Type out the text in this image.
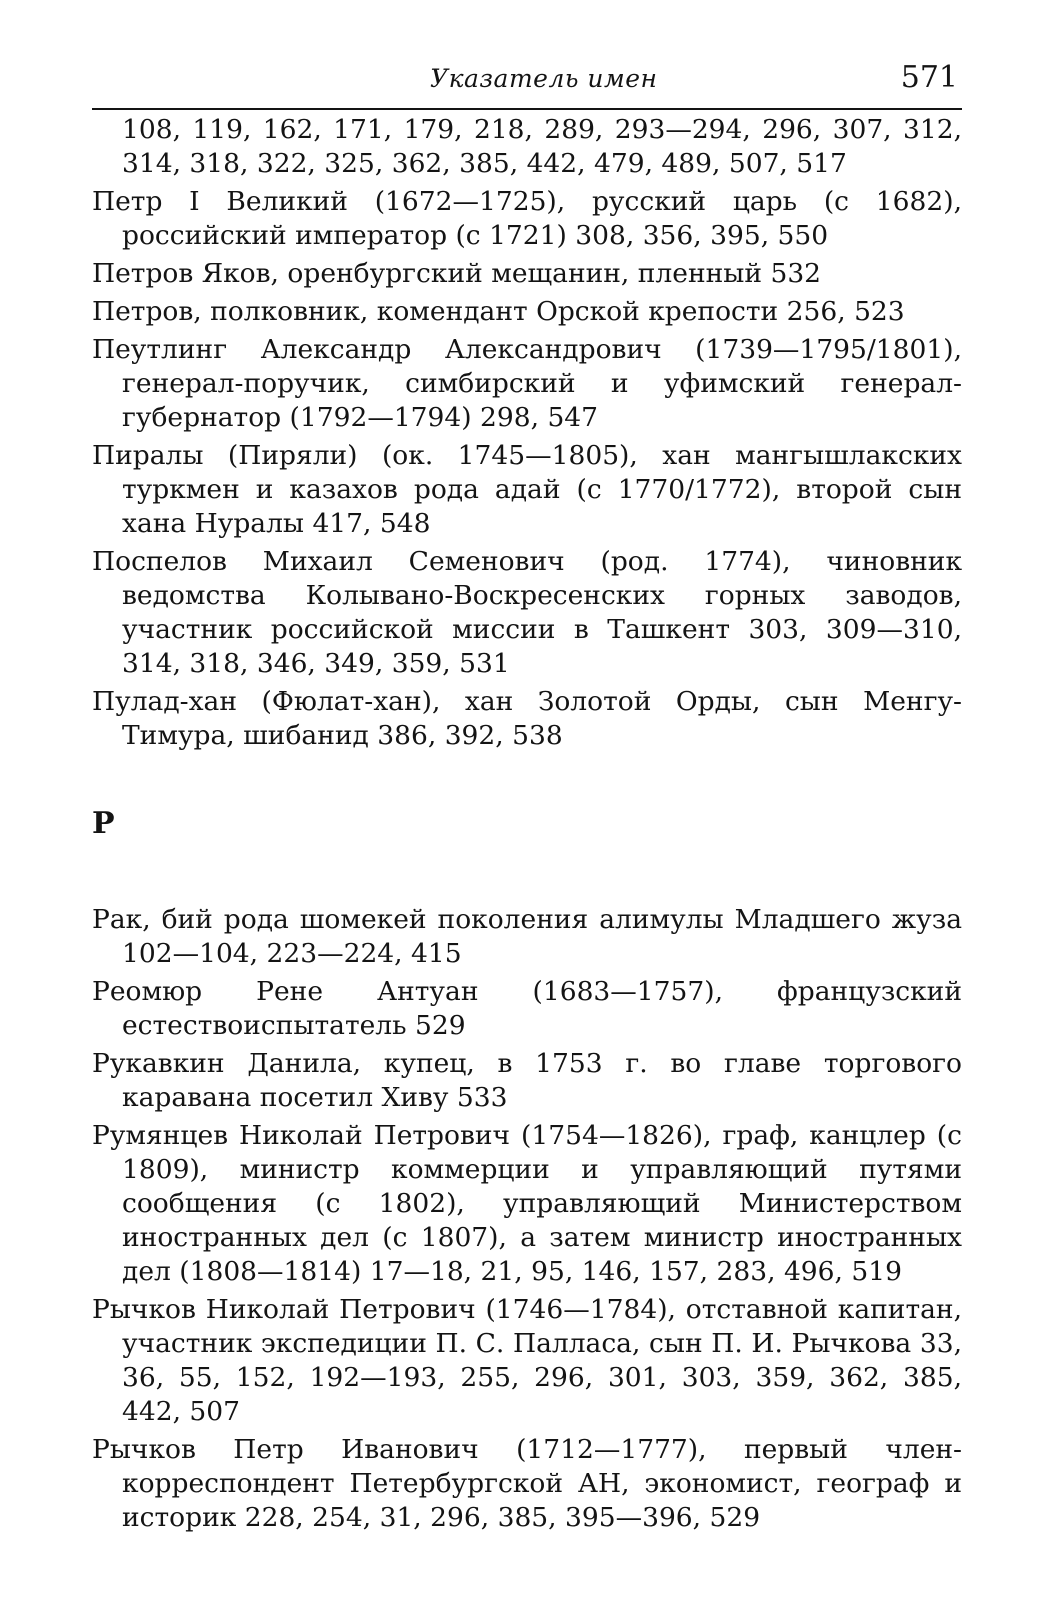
Указатель имен	571

108, 119, 162, 171, 179, 218, 289, 293—294, 296, 307, 312, 314, 318, 322, 325, 362, 385, 442, 479, 489, 507, 517

Петр I Великий (1672—1725), русский царь (с 1682), российский император (с 1721) 308, 356, 395, 550

Петров Яков, оренбургский мещанин, пленный 532

Петров, полковник, комендант Орской крепости 256, 523

Пеутлинг Александр Александрович (1739—1795/1801), генерал-поручик, симбирский и уфимский генерал-губернатор (1792—1794) 298, 547

Пиралы (Пиряли) (ок. 1745—1805), хан мангышлакских туркмен и казахов рода адай (с 1770/1772), второй сын хана Нуралы 417, 548

Поспелов Михаил Семенович (род. 1774), чиновник ведомства Колывано-Воскресенских горных заводов, участник российской миссии в Ташкент 303, 309—310, 314, 318, 346, 349, 359, 531

Пулад-хан (Фюлат-хан), хан Золотой Орды, сын Менгу-Тимура, шибанид 386, 392, 538

Р

Рак, бий рода шомекей поколения алимулы Младшего жуза 102—104, 223—224, 415

Реомюр Рене Антуан (1683—1757), французский естествоиспытатель 529

Рукавкин Данила, купец, в 1753 г. во главе торгового каравана посетил Хиву 533

Румянцев Николай Петрович (1754—1826), граф, канцлер (с 1809), министр коммерции и управляющий путями сообщения (с 1802), управляющий Министерством иностранных дел (с 1807), а затем министр иностранных дел (1808—1814) 17—18, 21, 95, 146, 157, 283, 496, 519

Рычков Николай Петрович (1746—1784), отставной капитан, участник экспедиции П. С. Палласа, сын П. И. Рычкова 33, 36, 55, 152, 192—193, 255, 296, 301, 303, 359, 362, 385, 442, 507

Рычков Петр Иванович (1712—1777), первый член-корреспондент Петербургской АН, экономист, географ и историк 228, 254, 31, 296, 385, 395—396, 529
